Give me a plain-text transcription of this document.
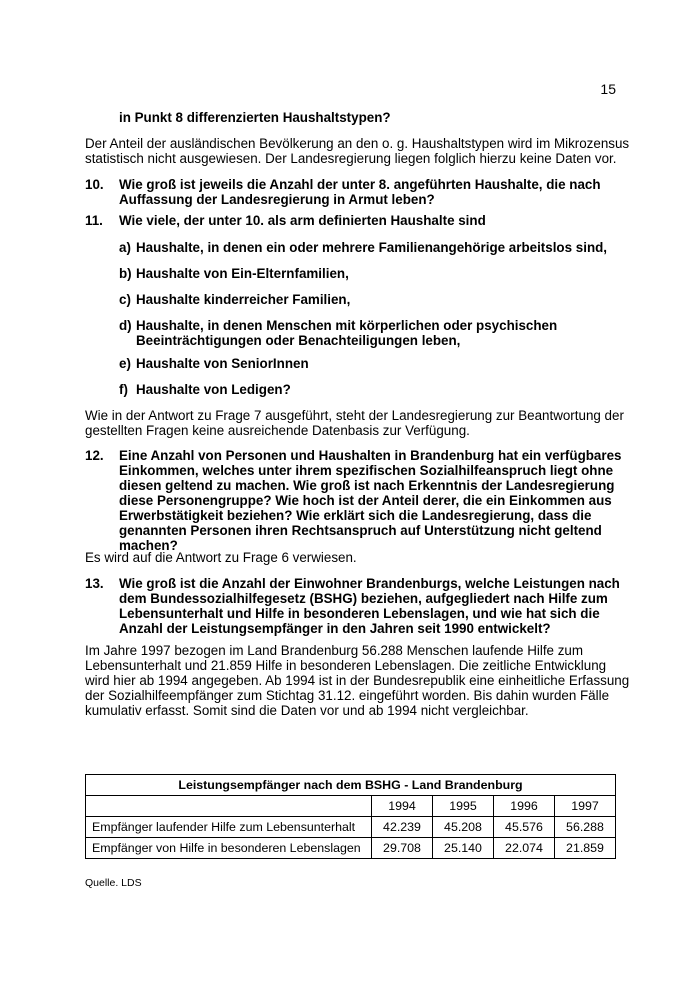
15

in Punkt 8 differenzierten Haushaltstypen?

Der Anteil der ausländischen Bevölkerung an den o. g. Haushaltstypen wird im Mikrozensus statistisch nicht ausgewiesen. Der Landesregierung liegen folglich hierzu keine Daten vor.

10. Wie groß ist jeweils die Anzahl der unter 8. angeführten Haushalte, die nach Auffassung der Landesregierung in Armut leben?

11. Wie viele, der unter 10. als arm definierten Haushalte sind

a) Haushalte, in denen ein oder mehrere Familienangehörige arbeitslos sind,

b) Haushalte von Ein-Elternfamilien,

c) Haushalte kinderreicher Familien,

d) Haushalte, in denen Menschen mit körperlichen oder psychischen Beeinträchtigungen oder Benachteiligungen leben,

e) Haushalte von SeniorInnen

f) Haushalte von Ledigen?

Wie in der Antwort zu Frage 7 ausgeführt, steht der Landesregierung zur Beantwortung der gestellten Fragen keine ausreichende Datenbasis zur Verfügung.

12. Eine Anzahl von Personen und Haushalten in Brandenburg hat ein verfügbares Einkommen, welches unter ihrem spezifischen Sozialhilfeanspruch liegt ohne diesen geltend zu machen. Wie groß ist nach Erkenntnis der Landesregierung diese Personengruppe? Wie hoch ist der Anteil derer, die ein Einkommen aus Erwerbstätigkeit beziehen? Wie erklärt sich die Landesregierung, dass die genannten Personen ihren Rechtsanspruch auf Unterstützung nicht geltend machen?

Es wird auf die Antwort zu Frage 6 verwiesen.

13. Wie groß ist die Anzahl der Einwohner Brandenburgs, welche Leistungen nach dem Bundessozialhilfegesetz (BSHG) beziehen, aufgegliedert nach Hilfe zum Lebensunterhalt und Hilfe in besonderen Lebenslagen, und wie hat sich die Anzahl der Leistungsempfänger in den Jahren seit 1990 entwickelt?

Im Jahre 1997 bezogen im Land Brandenburg 56.288 Menschen laufende Hilfe zum Lebensunterhalt und 21.859 Hilfe in besonderen Lebenslagen. Die zeitliche Entwicklung wird hier ab 1994 angegeben. Ab 1994 ist in der Bundesrepublik eine einheitliche Erfassung der Sozialhilfeempfänger zum Stichtag 31.12. eingeführt worden. Bis dahin wurden Fälle kumulativ erfasst. Somit sind die Daten vor und ab 1994 nicht vergleichbar.

Leistungsempfänger nach dem BSHG - Land Brandenburg				
	1994	1995	1996	1997
Empfänger laufender Hilfe zum Lebensunterhalt	42.239	45.208	45.576	56.288
Empfänger von Hilfe in besonderen Lebenslagen	29.708	25.140	22.074	21.859
Quelle. LDS
